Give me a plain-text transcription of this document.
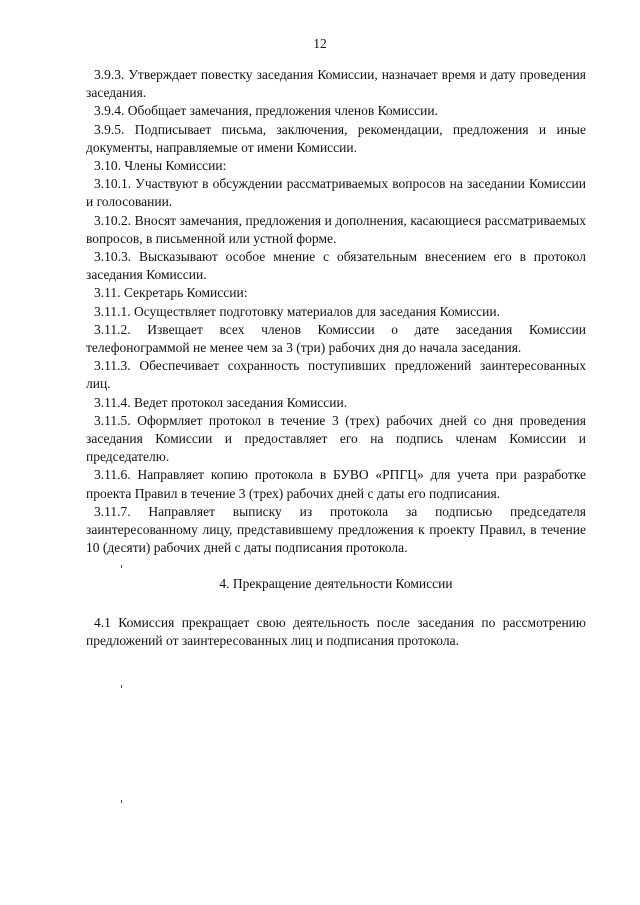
12

3.9.3. Утверждает повестку заседания Комиссии, назначает время и дату проведения заседания.

3.9.4. Обобщает замечания, предложения членов Комиссии.

3.9.5. Подписывает письма, заключения, рекомендации, предложения и иные документы, направляемые от имени Комиссии.

3.10. Члены Комиссии:

3.10.1. Участвуют в обсуждении рассматриваемых вопросов на заседании Комиссии и голосовании.

3.10.2. Вносят замечания, предложения и дополнения, касающиеся рассматриваемых вопросов, в письменной или устной форме.

3.10.3. Высказывают особое мнение с обязательным внесением его в протокол заседания Комиссии.

3.11. Секретарь Комиссии:

3.11.1. Осуществляет подготовку материалов для заседания Комиссии.

3.11.2. Извещает всех членов Комиссии о дате заседания Комиссии телефонограммой не менее чем за 3 (три) рабочих дня до начала заседания.

3.11.3. Обеспечивает сохранность поступивших предложений заинтересованных лиц.

3.11.4. Ведет протокол заседания Комиссии.

3.11.5. Оформляет протокол в течение 3 (трех) рабочих дней со дня проведения заседания Комиссии и предоставляет его на подпись членам Комиссии и председателю.

3.11.6. Направляет копию протокола в БУВО «РПГЦ» для учета при разработке проекта Правил в течение 3 (трех) рабочих дней с даты его подписания.

3.11.7. Направляет выписку из протокола за подписью председателя заинтересованному лицу, представившему предложения к проекту Правил, в течение 10 (десяти) рабочих дней с даты подписания протокола.

4. Прекращение деятельности Комиссии

4.1 Комиссия прекращает свою деятельность после заседания по рассмотрению предложений от заинтересованных лиц и подписания протокола.
